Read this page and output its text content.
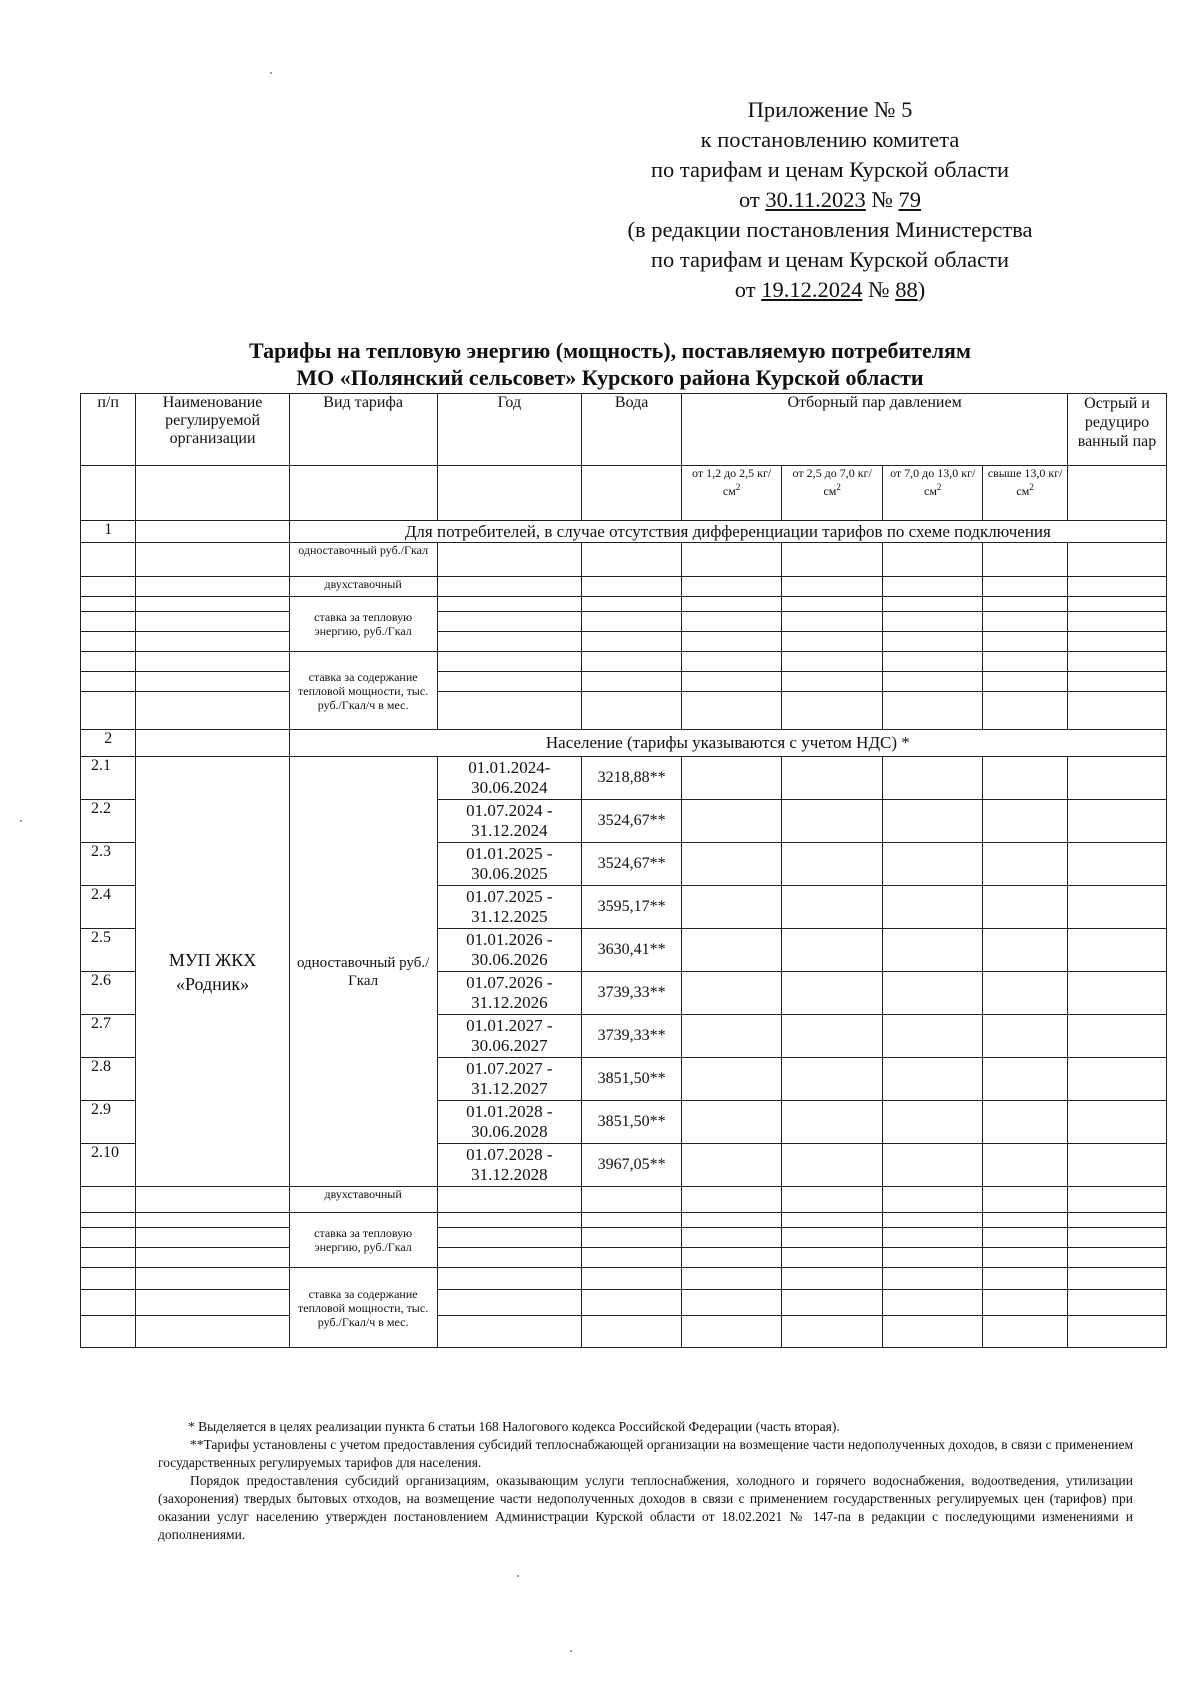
Приложение № 5
к постановлению комитета
по тарифам и ценам Курской области
от 30.11.2023 № 79
(в редакции постановления Министерства
по тарифам и ценам Курской области
от 19.12.2024 № 88)
Тарифы на тепловую энергию (мощность), поставляемую потребителям
МО «Полянский сельсовет» Курского района Курской области
п/п	Наименование регулируемой организации	Вид тарифа	Год	Вода	Отборный пар давлением				Острый и редуциро ванный пар
					от 1,2 до 2,5 $кг/см^2$	от 2,5 до 7,0 $кг/см^2$	от 7,0 до 13,0 $кг/см^2$	свыше 13,0 $кг/см^2$	
1		Для потребителей, в случае отсутствия дифференциации тарифов по схеме подключения							
		одноставочный руб./Гкал							
		двухставочный							
		ставка за тепловую энергию, руб./Гкал							

		ставка за содержание тепловой мощности, тыс. руб./Гкал/ч в мес.							

2		Население (тарифы указываются с учетом НДС) *							
2.1	МУП ЖКХ «Родник»	одноставочный руб./Гкал	01.01.2024-30.06.2024	3218,88**					
2.2			01.07.2024 - 31.12.2024	3524,67**					
2.3			01.01.2025 - 30.06.2025	3524,67**					
2.4			01.07.2025 - 31.12.2025	3595,17**					
2.5			01.01.2026 - 30.06.2026	3630,41**					
2.6			01.07.2026 - 31.12.2026	3739,33**					
2.7			01.01.2027 - 30.06.2027	3739,33**					
2.8			01.07.2027 - 31.12.2027	3851,50**					
2.9			01.01.2028 - 30.06.2028	3851,50**					
2.10			01.07.2028 - 31.12.2028	3967,05**					
		двухставочный							
		ставка за тепловую энергию, руб./Гкал							

		ставка за содержание тепловой мощности, тыс. руб./Гкал/ч в мес.							

* Выделяется в целях реализации пункта 6 статьи 168 Налогового кодекса Российской Федерации (часть вторая).

**Тарифы установлены с учетом предоставления субсидий теплоснабжающей организации на возмещение части недополученных доходов, в связи с применением государственных регулируемых тарифов для населения.

Порядок предоставления субсидий организациям, оказывающим услуги теплоснабжения, холодного и горячего водоснабжения, водоотведения, утилизации (захоронения) твердых бытовых отходов, на возмещение части недополученных доходов в связи с применением государственных регулируемых цен (тарифов) при оказании услуг населению утвержден постановлением Администрации Курской области от 18.02.2021 № 147-па в редакции с последующими изменениями и дополнениями.
